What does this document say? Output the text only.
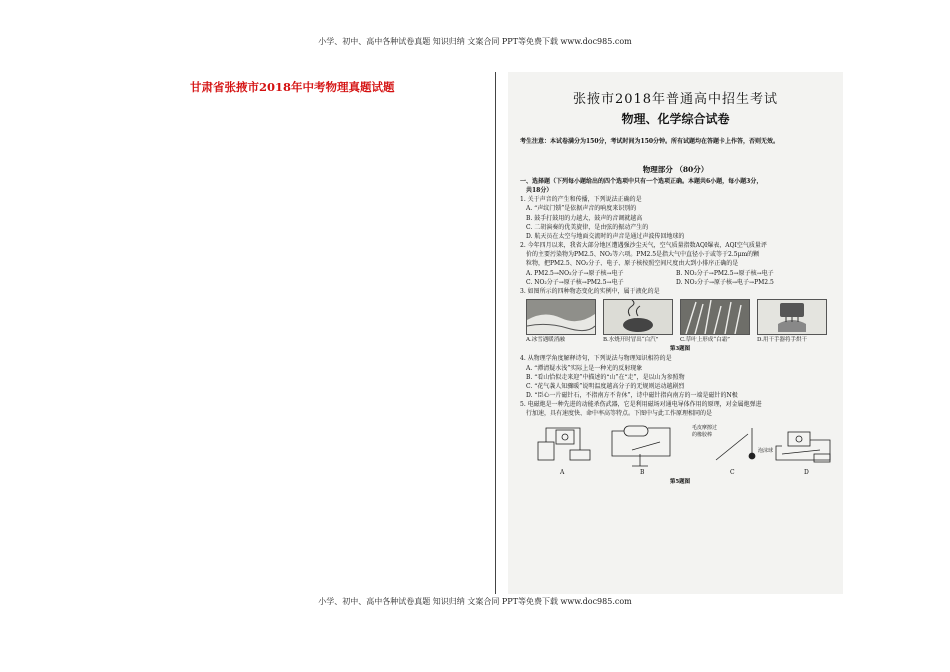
小学、初中、高中各种试卷真题 知识归纳 文案合同 PPT等免费下载 www.doc985.com
甘肃省张掖市2018年中考物理真题试题
张掖市2018年普通高中招生考试
物理、化学综合试卷
考生注意：本试卷满分为150分，考试时间为150分钟。所有试题均在答题卡上作答，否则无效。
物理部分 （80分）
一、选择题（下列每小题给出的四个选项中只有一个选项正确。本题共6小题，每小题3分，
共18分）
1. 关于声音的产生和传播，下列说法正确的是
A. “声纹门锁”是依据声音的响度来识别的
B. 鼓手打鼓用的力越大，鼓声的音调就越高
C. 二胡演奏的优美旋律，是由弦的振动产生的
D. 航天员在太空与地面交流时的声音是通过声波传回地球的
2. 今年四月以来，我省大部分地区遭遇强沙尘天气，空气质量指数AQI爆表，AQI空气质量评
价的主要污染物为PM2.5、NO₂等六项。PM2.5是指大气中直径小于或等于2.5μm的颗
粒物，把PM2.5、NO₂分子、电子、原子核按照空间尺度由大到小排序正确的是
A. PM2.5→NO₂分子→原子核→电子	B. NO₂分子→PM2.5→原子核→电子
C. NO₂分子→原子核→PM2.5→电子	D. NO₂分子→原子核→电子→PM2.5
3. 如图所示的四种物态变化的实例中，属于液化的是
A.冰雪遇暖消融	B.水烧开时冒出“白汽”	C.草叶上形成“白霜”	D.用干手器将手烘干
第3题图
4. 从物理学角度解释诗句，下列说法与物理知识相符的是
A. “潭清疑水浅”实际上是一种光的反射现象
B. “看山恰似走来迎”中描述的“山”在“走”，是以山为参照物
C. “花气袭人知骤暖”说明温度越高分子的无规则运动越剧烈
D. “臣心一片磁针石，不指南方不肯休”，诗中磁针指向南方的一端是磁针的N极
5. 电磁炮是一种先进的动能杀伤武器，它是利用磁场对通电导体作用的原理，对金属炮弹进
行加速，具有速度快、命中率高等特点。下图中与此工作原理相同的是
毛皮摩擦过
的橡胶棒
泡沫球
A	B	C	D
第5题图
小学、初中、高中各种试卷真题 知识归纳 文案合同 PPT等免费下载 www.doc985.com
